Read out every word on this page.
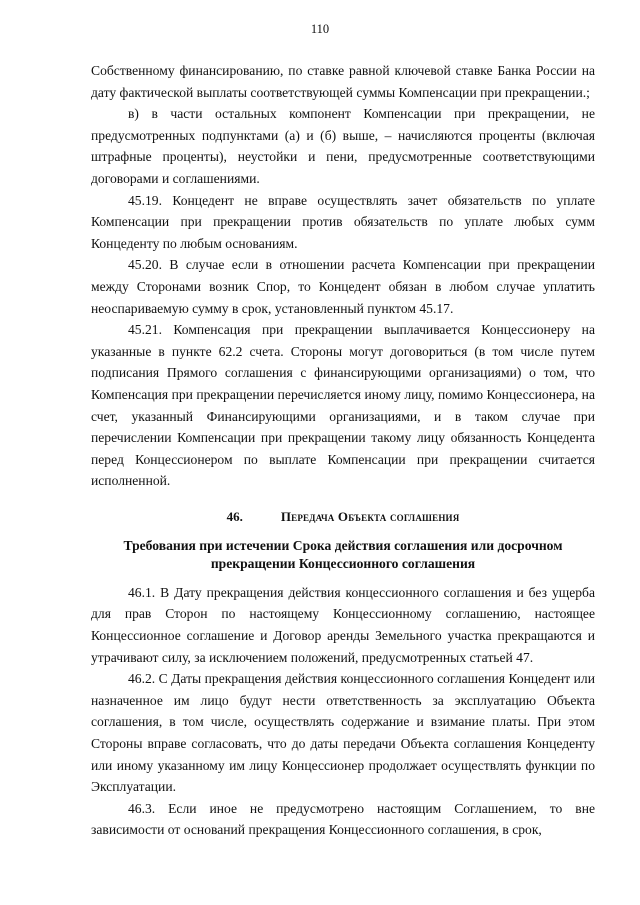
110

Собственному финансированию, по ставке равной ключевой ставке Банка России на дату фактической выплаты соответствующей суммы Компенсации при прекращении.;

в) в части остальных компонент Компенсации при прекращении, не предусмотренных подпунктами (а) и (б) выше, – начисляются проценты (включая штрафные проценты), неустойки и пени, предусмотренные соответствующими договорами и соглашениями.

45.19. Концедент не вправе осуществлять зачет обязательств по уплате Компенсации при прекращении против обязательств по уплате любых сумм Концеденту по любым основаниям.

45.20. В случае если в отношении расчета Компенсации при прекращении между Сторонами возник Спор, то Концедент обязан в любом случае уплатить неоспариваемую сумму в срок, установленный пунктом 45.17.

45.21. Компенсация при прекращении выплачивается Концессионеру на указанные в пункте 62.2 счета. Стороны могут договориться (в том числе путем подписания Прямого соглашения с финансирующими организациями) о том, что Компенсация при прекращении перечисляется иному лицу, помимо Концессионера, на счет, указанный Финансирующими организациями, и в таком случае при перечислении Компенсации при прекращении такому лицу обязанность Концедента перед Концессионером по выплате Компенсации при прекращении считается исполненной.

46.	Передача Объекта соглашения
Требования при истечении Срока действия соглашения или досрочном прекращении Концессионного соглашения

46.1. В Дату прекращения действия концессионного соглашения и без ущерба для прав Сторон по настоящему Концессионному соглашению, настоящее Концессионное соглашение и Договор аренды Земельного участка прекращаются и утрачивают силу, за исключением положений, предусмотренных статьей 47.

46.2. С Даты прекращения действия концессионного соглашения Концедент или назначенное им лицо будут нести ответственность за эксплуатацию Объекта соглашения, в том числе, осуществлять содержание и взимание платы. При этом Стороны вправе согласовать, что до даты передачи Объекта соглашения Концеденту или иному указанному им лицу Концессионер продолжает осуществлять функции по Эксплуатации.

46.3. Если иное не предусмотрено настоящим Соглашением, то вне зависимости от оснований прекращения Концессионного соглашения, в срок,
